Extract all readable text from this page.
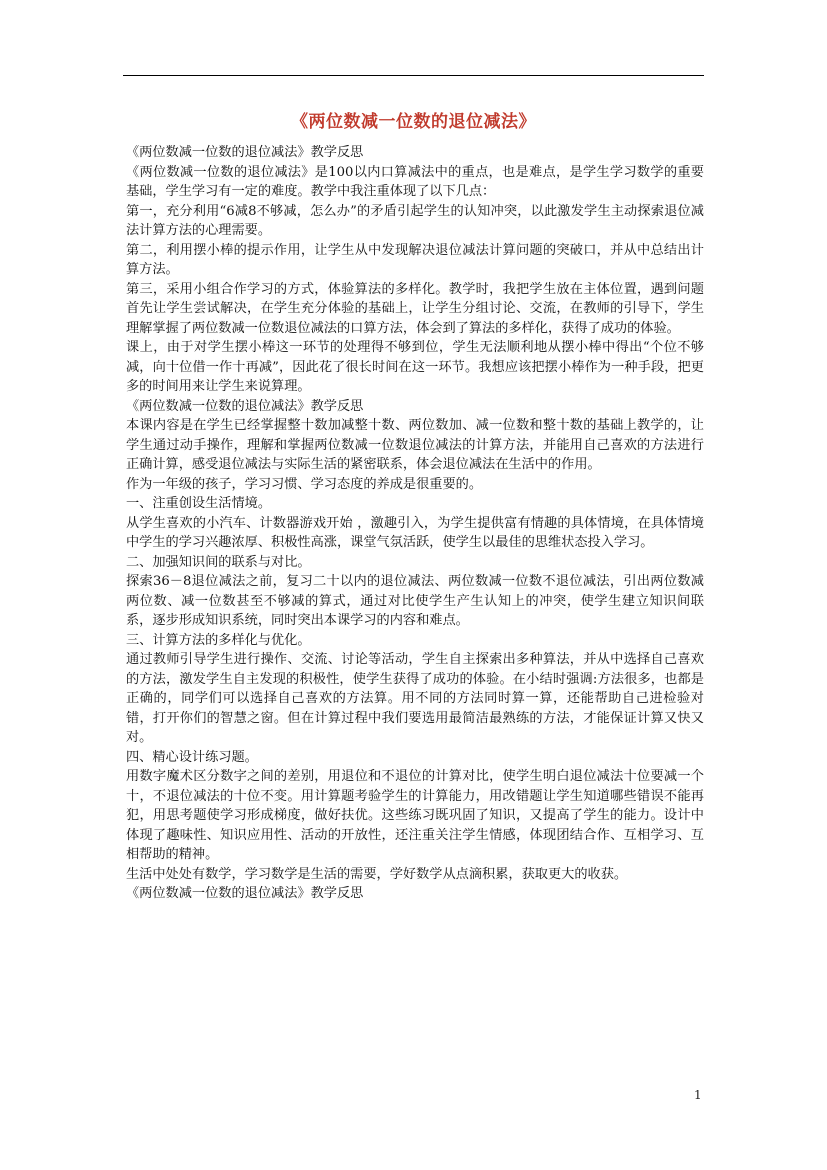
《两位数减一位数的退位减法》

《两位数减一位数的退位减法》教学反思

《两位数减一位数的退位减法》是100以内口算减法中的重点，也是难点，是学生学习数学的重要基础，学生学习有一定的难度。教学中我注重体现了以下几点：

第一，充分利用“6减8不够减，怎么办”的矛盾引起学生的认知冲突，以此激发学生主动探索退位减法计算方法的心理需要。

第二，利用摆小棒的提示作用，让学生从中发现解决退位减法计算问题的突破口，并从中总结出计算方法。

第三，采用小组合作学习的方式，体验算法的多样化。教学时，我把学生放在主体位置，遇到问题首先让学生尝试解决，在学生充分体验的基础上，让学生分组讨论、交流，在教师的引导下，学生理解掌握了两位数减一位数退位减法的口算方法，体会到了算法的多样化，获得了成功的体验。

课上，由于对学生摆小棒这一环节的处理得不够到位，学生无法顺利地从摆小棒中得出“个位不够减，向十位借一作十再减”，因此花了很长时间在这一环节。我想应该把摆小棒作为一种手段，把更多的时间用来让学生来说算理。

《两位数减一位数的退位减法》教学反思

本课内容是在学生已经掌握整十数加减整十数、两位数加、减一位数和整十数的基础上教学的，让学生通过动手操作，理解和掌握两位数减一位数退位减法的计算方法，并能用自己喜欢的方法进行正确计算，感受退位减法与实际生活的紧密联系，体会退位减法在生活中的作用。

作为一年级的孩子，学习习惯、学习态度的养成是很重要的。

一、注重创设生活情境。

从学生喜欢的小汽车、计数器游戏开始 ，激趣引入，为学生提供富有情趣的具体情境，在具体情境中学生的学习兴趣浓厚、积极性高涨，课堂气氛活跃，使学生以最佳的思维状态投入学习。

二、加强知识间的联系与对比。

探索36－8退位减法之前，复习二十以内的退位减法、两位数减一位数不退位减法，引出两位数减两位数、减一位数甚至不够减的算式，通过对比使学生产生认知上的冲突，使学生建立知识间联系，逐步形成知识系统，同时突出本课学习的内容和难点。

三、计算方法的多样化与优化。

通过教师引导学生进行操作、交流、讨论等活动，学生自主探索出多种算法，并从中选择自己喜欢的方法，激发学生自主发现的积极性，使学生获得了成功的体验。在小结时强调:方法很多，也都是正确的，同学们可以选择自己喜欢的方法算。用不同的方法同时算一算，还能帮助自己进检验对错，打开你们的智慧之窗。但在计算过程中我们要选用最简洁最熟练的方法，才能保证计算又快又对。

四、精心设计练习题。

用数字魔术区分数字之间的差别，用退位和不退位的计算对比，使学生明白退位减法十位要减一个十，不退位减法的十位不变。用计算题考验学生的计算能力，用改错题让学生知道哪些错误不能再犯，用思考题使学习形成梯度，做好扶优。这些练习既巩固了知识，又提高了学生的能力。设计中体现了趣味性、知识应用性、活动的开放性，还注重关注学生情感，体现团结合作、互相学习、互相帮助的精神。

生活中处处有数学，学习数学是生活的需要，学好数学从点滴积累，获取更大的收获。

《两位数减一位数的退位减法》教学反思

1
